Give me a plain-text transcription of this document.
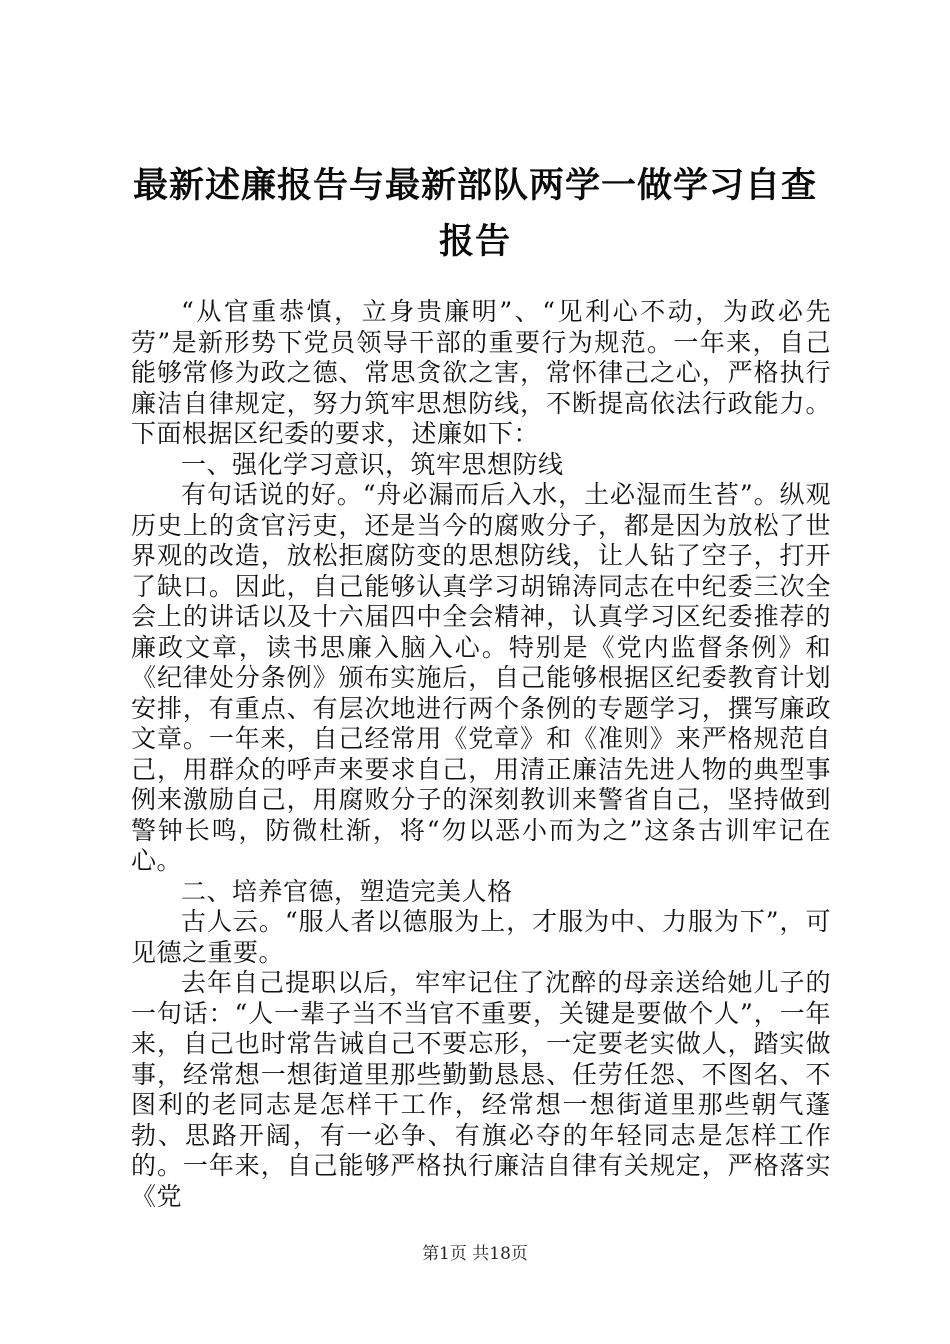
最新述廉报告与最新部队两学一做学习自查报告

“从官重恭慎，立身贵廉明”、“见利心不动，为政必先劳”是新形势下党员领导干部的重要行为规范。一年来，自己能够常修为政之德、常思贪欲之害，常怀律己之心，严格执行廉洁自律规定，努力筑牢思想防线，不断提高依法行政能力。下面根据区纪委的要求，述廉如下：

一、强化学习意识，筑牢思想防线

有句话说的好。“舟必漏而后入水，土必湿而生苔”。纵观历史上的贪官污吏，还是当今的腐败分子，都是因为放松了世界观的改造，放松拒腐防变的思想防线，让人钻了空子，打开了缺口。因此，自己能够认真学习胡锦涛同志在中纪委三次全会上的讲话以及十六届四中全会精神，认真学习区纪委推荐的廉政文章，读书思廉入脑入心。特别是《党内监督条例》和《纪律处分条例》颁布实施后，自己能够根据区纪委教育计划安排，有重点、有层次地进行两个条例的专题学习，撰写廉政文章。一年来，自己经常用《党章》和《准则》来严格规范自己，用群众的呼声来要求自己，用清正廉洁先进人物的典型事例来激励自己，用腐败分子的深刻教训来警省自己，坚持做到警钟长鸣，防微杜渐，将“勿以恶小而为之”这条古训牢记在心。

二、培养官德，塑造完美人格

古人云。“服人者以德服为上，才服为中、力服为下”，可见德之重要。

去年自己提职以后，牢牢记住了沈醉的母亲送给她儿子的一句话：“人一辈子当不当官不重要，关键是要做个人”，一年来，自己也时常告诫自己不要忘形，一定要老实做人，踏实做事，经常想一想街道里那些勤勤恳恳、任劳任怨、不图名、不图利的老同志是怎样干工作，经常想一想街道里那些朝气蓬勃、思路开阔，有一必争、有旗必夺的年轻同志是怎样工作的。一年来，自己能够严格执行廉洁自律有关规定，严格落实《党

第1页 共18页
